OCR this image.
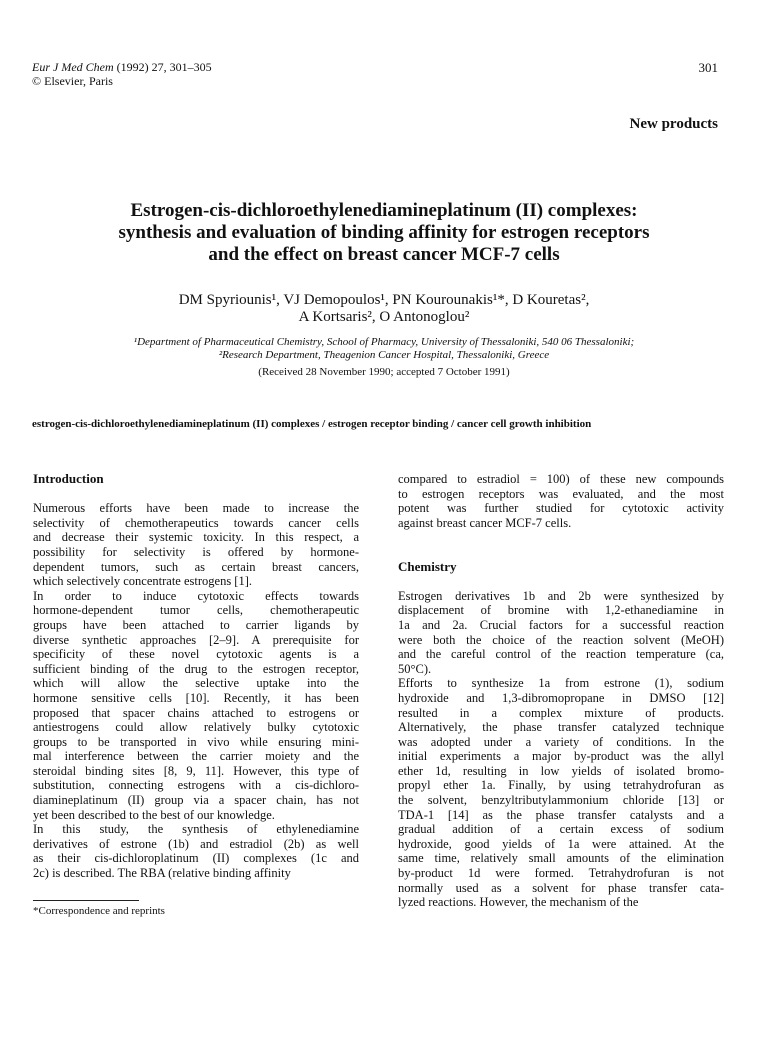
Eur J Med Chem (1992) 27, 301–305
© Elsevier, Paris
301
New products
Estrogen-cis-dichloroethylenediamineplatinum (II) complexes:
synthesis and evaluation of binding affinity for estrogen receptors
and the effect on breast cancer MCF-7 cells
DM Spyriounis¹, VJ Demopoulos¹, PN Kourounakis¹*, D Kouretas²,
A Kortsaris², O Antonoglou²
¹Department of Pharmaceutical Chemistry, School of Pharmacy, University of Thessaloniki, 540 06 Thessaloniki;
²Research Department, Theagenion Cancer Hospital, Thessaloniki, Greece
(Received 28 November 1990; accepted 7 October 1991)
estrogen-cis-dichloroethylenediamineplatinum (II) complexes / estrogen receptor binding / cancer cell growth inhibition
Introduction
Numerous efforts have been made to increase the
selectivity of chemotherapeutics towards cancer cells
and decrease their systemic toxicity. In this respect, a
possibility for selectivity is offered by hormone-
dependent tumors, such as certain breast cancers,
which selectively concentrate estrogens [1].
In order to induce cytotoxic effects towards
hormone-dependent tumor cells, chemotherapeutic
groups have been attached to carrier ligands by
diverse synthetic approaches [2–9]. A prerequisite for
specificity of these novel cytotoxic agents is a
sufficient binding of the drug to the estrogen receptor,
which will allow the selective uptake into the
hormone sensitive cells [10]. Recently, it has been
proposed that spacer chains attached to estrogens or
antiestrogens could allow relatively bulky cytotoxic
groups to be transported in vivo while ensuring mini-
mal interference between the carrier moiety and the
steroidal binding sites [8, 9, 11]. However, this type of
substitution, connecting estrogens with a cis-dichloro-
diamineplatinum (II) group via a spacer chain, has not
yet been described to the best of our knowledge.
In this study, the synthesis of ethylenediamine
derivatives of estrone (1b) and estradiol (2b) as well
as their cis-dichloroplatinum (II) complexes (1c and
2c) is described. The RBA (relative binding affinity
*Correspondence and reprints
compared to estradiol = 100) of these new compounds
to estrogen receptors was evaluated, and the most
potent was further studied for cytotoxic activity
against breast cancer MCF-7 cells.
Chemistry
Estrogen derivatives 1b and 2b were synthesized by
displacement of bromine with 1,2-ethanediamine in
1a and 2a. Crucial factors for a successful reaction
were both the choice of the reaction solvent (MeOH)
and the careful control of the reaction temperature (ca,
50°C).
Efforts to synthesize 1a from estrone (1), sodium
hydroxide and 1,3-dibromopropane in DMSO [12]
resulted in a complex mixture of products.
Alternatively, the phase transfer catalyzed technique
was adopted under a variety of conditions. In the
initial experiments a major by-product was the allyl
ether 1d, resulting in low yields of isolated bromo-
propyl ether 1a. Finally, by using tetrahydrofuran as
the solvent, benzyltributylammonium chloride [13] or
TDA-1 [14] as the phase transfer catalysts and a
gradual addition of a certain excess of sodium
hydroxide, good yields of 1a were attained. At the
same time, relatively small amounts of the elimination
by-product 1d were formed. Tetrahydrofuran is not
normally used as a solvent for phase transfer cata-
lyzed reactions. However, the mechanism of the
